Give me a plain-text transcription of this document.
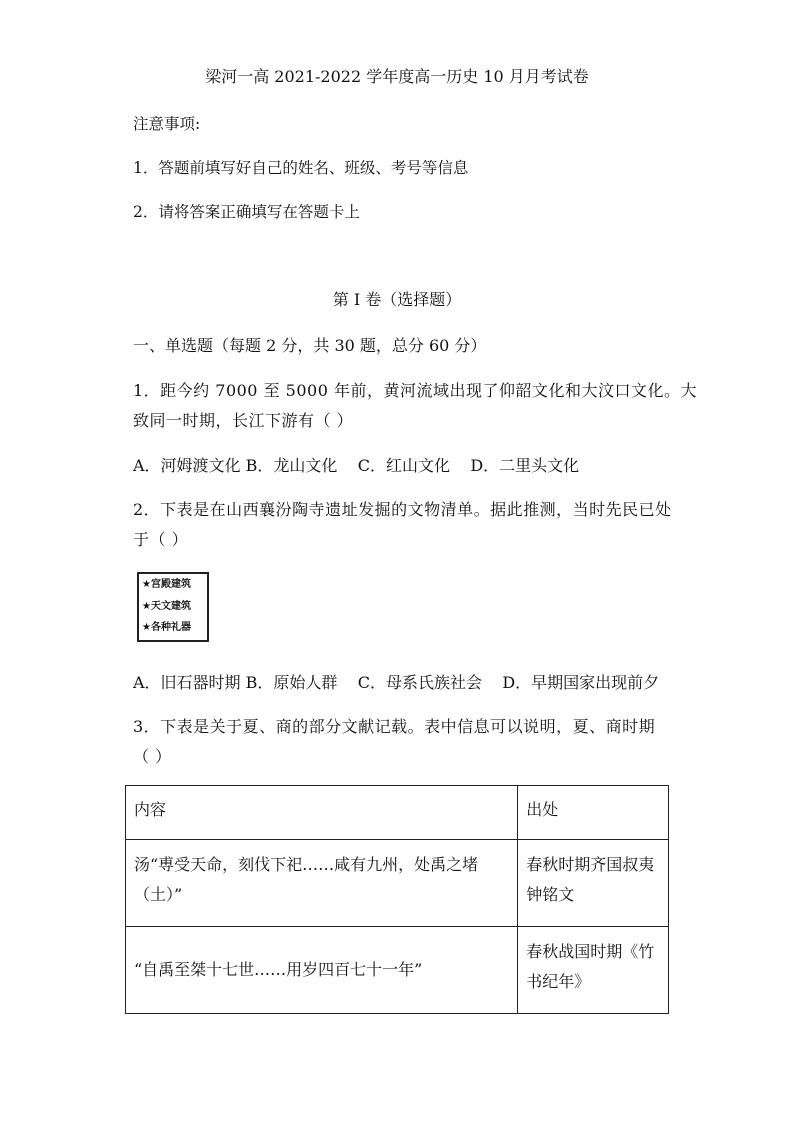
梁河一高 2021-2022 学年度高一历史 10 月月考试卷
注意事项:
1．答题前填写好自己的姓名、班级、考号等信息
2．请将答案正确填写在答题卡上
第 I 卷（选择题）
一、单选题（每题 2 分，共 30 题，总分 60 分）
1．距今约 7000 至 5000 年前，黄河流域出现了仰韶文化和大汶口文化。大
致同一时期，长江下游有（ ）
A．河姆渡文化 B．龙山文化    C．红山文化    D．二里头文化
2．下表是在山西襄汾陶寺遗址发掘的文物清单。据此推测，当时先民已处
于（ ）
★宫殿建筑
★天文建筑
★各种礼器
A．旧石器时期 B．原始人群    C．母系氏族社会    D．早期国家出现前夕
3．下表是关于夏、商的部分文献记载。表中信息可以说明，夏、商时期
（ ）
内容	出处
汤“尃受天命，刻伐下祀……咸有九州，处禹之堵（土）”	春秋时期齐国叔夷钟铭文
“自禹至桀十七世……用岁四百七十一年”	春秋战国时期《竹书纪年》
